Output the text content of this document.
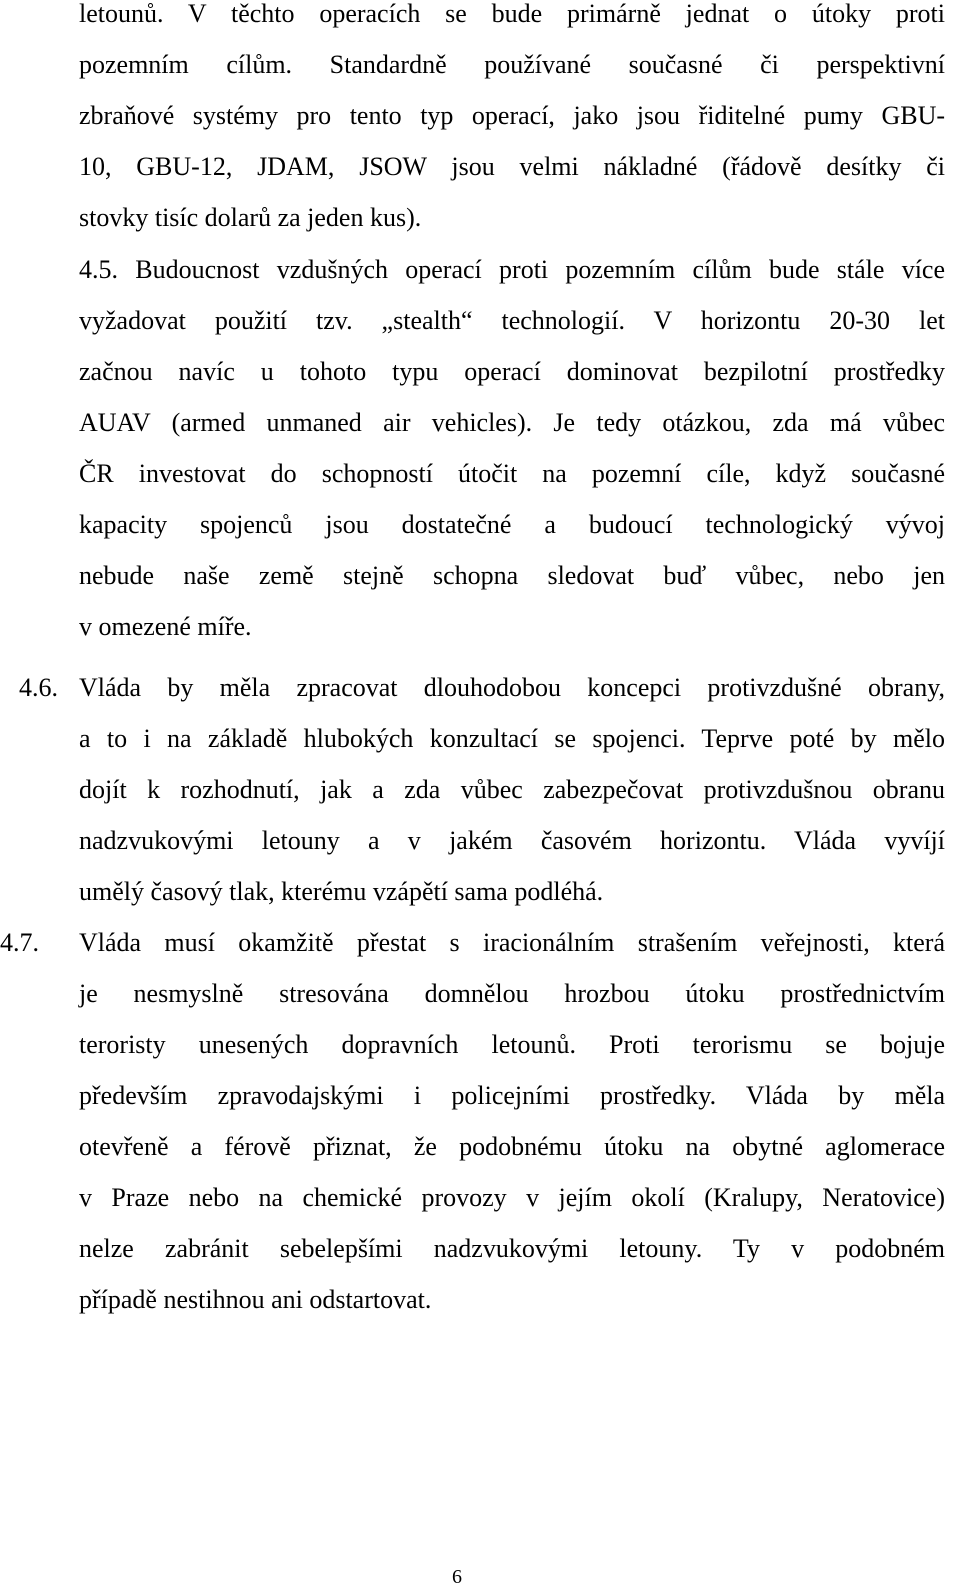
letounů. V těchto operacích se bude primárně jednat o útoky proti
pozemním cílům. Standardně používané současné či perspektivní
zbraňové systémy pro tento typ operací, jako jsou řiditelné pumy GBU-
10, GBU-12, JDAM, JSOW jsou velmi nákladné (řádově desítky či
stovky tisíc dolarů za jeden kus).
4.5. Budoucnost vzdušných operací proti pozemním cílům bude stále více
vyžadovat použití tzv. „stealth“ technologií. V horizontu 20-30 let
začnou navíc u tohoto typu operací dominovat bezpilotní prostředky
AUAV (armed unmaned air vehicles). Je tedy otázkou, zda má vůbec
ČR investovat do schopností útočit na pozemní cíle, když současné
kapacity spojenců jsou dostatečné a budoucí technologický vývoj
nebude naše země stejně schopna sledovat buď vůbec, nebo jen
v omezené míře.
4.6. Vláda by měla zpracovat dlouhodobou koncepci protivzdušné obrany,
a to i na základě hlubokých konzultací se spojenci. Teprve poté by mělo
dojít k rozhodnutí, jak a zda vůbec zabezpečovat protivzdušnou obranu
nadzvukovými letouny a v jakém časovém horizontu. Vláda vyvíjí
umělý časový tlak, kterému vzápětí sama podléhá.
4.7. Vláda musí okamžitě přestat s iracionálním strašením veřejnosti, která
je nesmyslně stresována domnělou hrozbou útoku prostřednictvím
teroristy unesených dopravních letounů. Proti terorismu se bojuje
především zpravodajskými i policejními prostředky. Vláda by měla
otevřeně a férově přiznat, že podobnému útoku na obytné aglomerace
v Praze nebo na chemické provozy v jejím okolí (Kralupy, Neratovice)
nelze zabránit sebelepšími nadzvukovými letouny. Ty v podobném
případě nestihnou ani odstartovat.
6
